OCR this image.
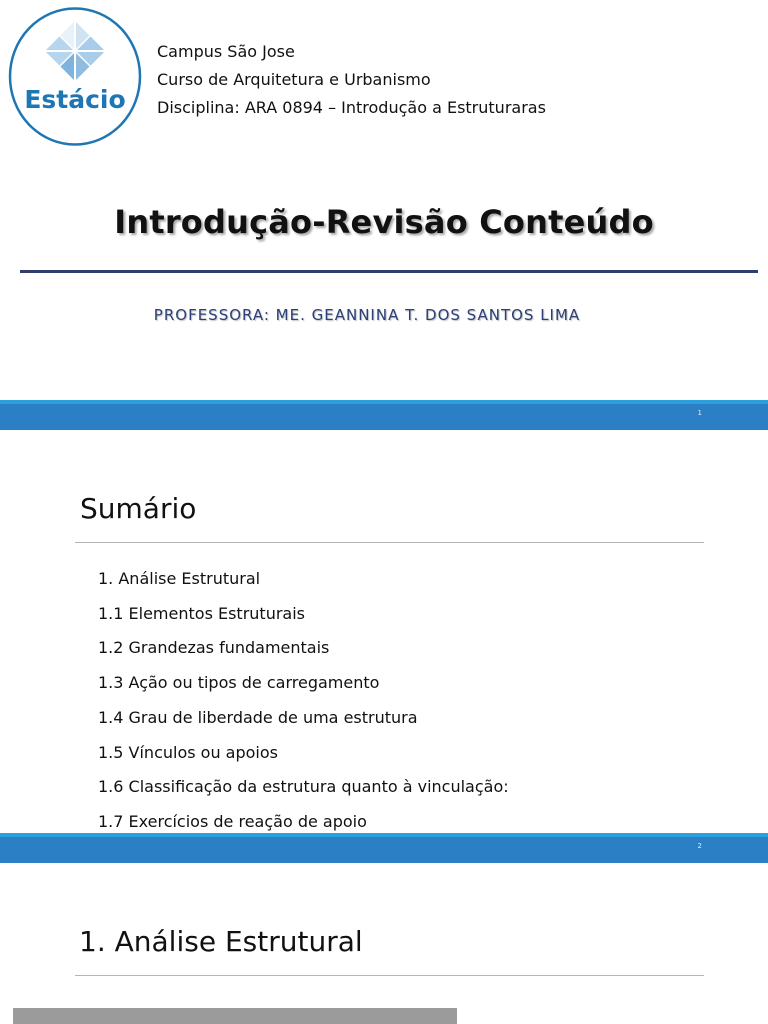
Estácio
Campus São Jose
Curso de Arquitetura e Urbanismo
Disciplina: ARA 0894 – Introdução a Estruturaras
Introdução-Revisão Conteúdo
PROFESSORA: ME. GEANNINA T. DOS SANTOS LIMA
1
Sumário
1. Análise Estrutural
1.1 Elementos Estruturais
1.2 Grandezas fundamentais
1.3 Ação ou tipos de carregamento
1.4 Grau de liberdade de uma estrutura
1.5 Vínculos ou apoios
1.6 Classificação da estrutura quanto à vinculação:
1.7 Exercícios de reação de apoio
2
1. Análise Estrutural
